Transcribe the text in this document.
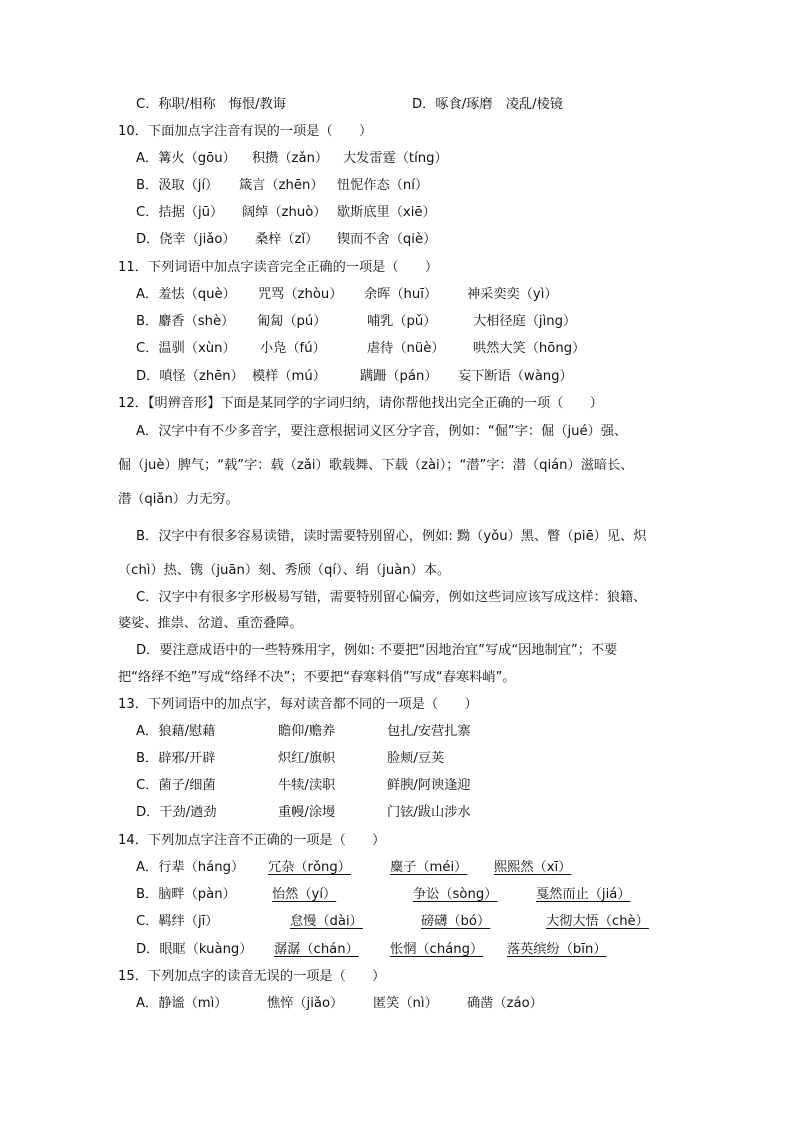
C．称职/相称　悔恨/教诲	D．啄食/琢磨　凌乱/棱镜
10．下面加点字注音有误的一项是（　　）
A．篝火（gōu） 积攒（zǎn） 大发雷霆（tíng）
B．汲取（jí） 箴言（zhēn） 忸怩作态（ní）
C．拮据（jū） 阔绰（zhuò） 歇斯底里（xiē）
D．侥幸（jiǎo） 桑梓（zǐ） 锲而不舍（qiè）
11．下列词语中加点字读音完全正确的一项是（　　）
A．羞怯（què） 咒骂（zhòu） 余晖（huī） 神采奕奕（yì）
B．麝香（shè） 匍匐（pú）	哺乳（pǔ）	大相径庭（jìng）
C．温驯（xùn） 小凫（fú）	虐待（nüè） 哄然大笑（hōng）
D．嗔怪（zhēn） 模样（mú）	蹒跚（pán） 妄下断语（wàng）
12．【明辨音形】下面是某同学的字词归纳，请你帮他找出完全正确的一项（　　）
A．汉字中有不少多音字，要注意根据词义区分字音，例如：“倔”字：倔（jué）强、
倔（juè）脾气；“载”字：载（zǎi）歌载舞、下载（zài）；“潜”字：潜（qián）滋暗长、
潜（qiǎn）力无穷。
B．汉字中有很多容易读错，读时需要特别留心，例如: 黝（yǒu）黑、瞥（piē）见、炽
（chì）热、镌（juān）刻、秀颀（qí）、绢（juàn）本。
C．汉字中有很多字形极易写错，需要特别留心偏旁，例如这些词应该写成这样：狼籍、
婆娑、推祟、岔道、重峦叠障。
D．要注意成语中的一些特殊用字，例如: 不要把“因地治宜”写成“因地制宜”；不要
把“络绎不绝”写成“络绎不决”；不要把“春寒料俏”写成“春寒料峭”。
13．下列词语中的加点字，每对读音都不同的一项是（　　）
A．狼藉/慰藉	瞻仰/赡养	包扎/安营扎寨
B．辟邪/开辟	炽红/旗帜	脸颊/豆荚
C．菌子/细菌	牛犊/渎职	鲜腴/阿谀逢迎
D．干劲/遒劲	重幔/涂墁	门铉/跋山涉水
14．下列加点字注音不正确的一项是（　　）
A．行辈（háng） 冗杂（rǒng）	麋子（méi） 熙熙然（xī）
B．脑畔（pàn）	怡然（yí）	争讼（sòng）	戛然而止（jiá）
C．羁绊（jī）	怠慢（dài）	磅礴（bó）	大彻大悟（chè）
D．眼眶（kuàng） 潺潺（chán） 怅惘（cháng） 落英缤纷（bīn）
15．下列加点字的读音无误的一项是（　　）
A．静谧（mì）	憔悴（jiǎo） 匿笑（nì） 确凿（záo）
